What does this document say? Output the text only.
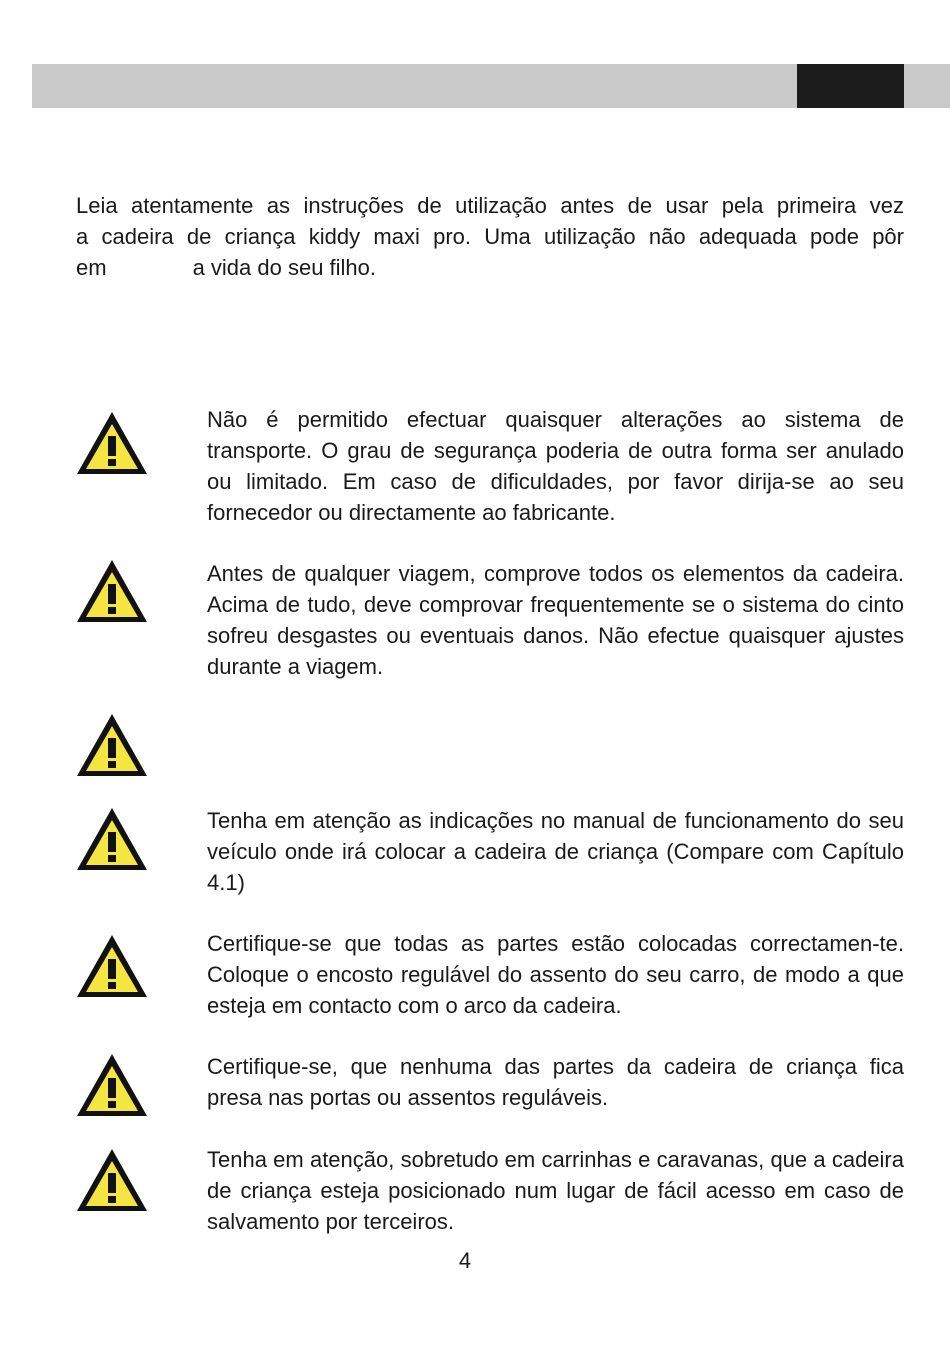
Leia atentamente as instruções de utilização antes de usar pela primeira vez
a cadeira de criança kiddy maxi pro. Uma utilização não adequada pode pôr
em	a vida do seu filho.

Não é permitido efectuar quaisquer alterações ao sistema de transporte. O grau de segurança poderia de outra forma ser anulado ou limitado. Em caso de dificuldades, por favor dirija-se ao seu fornecedor ou directamente ao fabricante.

Antes de qualquer viagem, comprove todos os elementos da cadeira. Acima de tudo, deve comprovar frequentemente se o sistema do cinto sofreu desgastes ou eventuais danos. Não efectue quaisquer ajustes durante a viagem.

Tenha em atenção as indicações no manual de funcionamento do seu veículo onde irá colocar a cadeira de criança (Compare com Capítulo 4.1)

Certifique-se que todas as partes estão colocadas correctamen-te. Coloque o encosto regulável do assento do seu carro, de modo a que esteja em contacto com o arco da cadeira.

Certifique-se, que nenhuma das partes da cadeira de criança fica presa nas portas ou assentos reguláveis.

Tenha em atenção, sobretudo em carrinhas e caravanas, que a cadeira de criança esteja posicionado num lugar de fácil acesso em caso de salvamento por terceiros.

4
